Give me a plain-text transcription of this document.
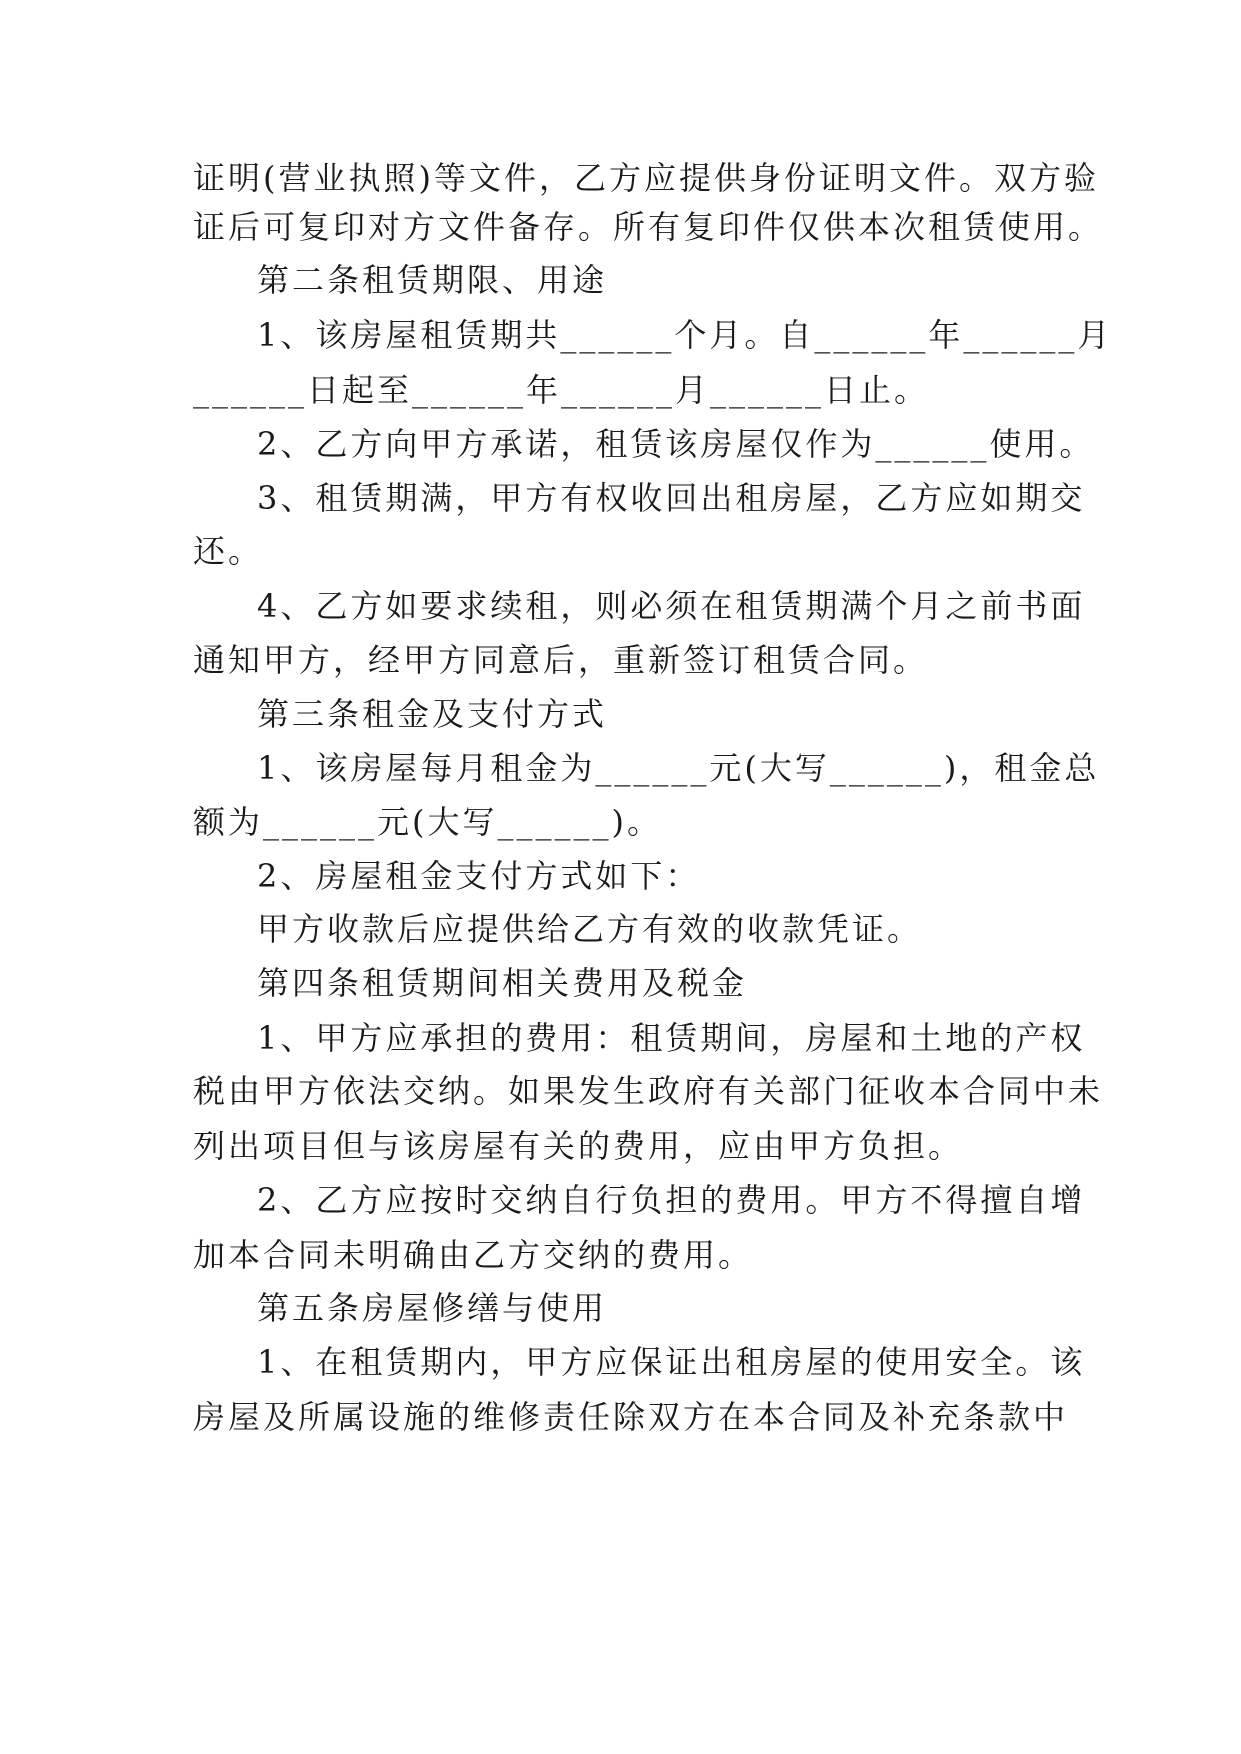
证明(营业执照)等文件，乙方应提供身份证明文件。双方验

证后可复印对方文件备存。所有复印件仅供本次租赁使用。

第二条租赁期限、用途

1、该房屋租赁期共______个月。自______年______月

______日起至______年______月______日止。

2、乙方向甲方承诺，租赁该房屋仅作为______使用。

3、租赁期满，甲方有权收回出租房屋，乙方应如期交

还。

4、乙方如要求续租，则必须在租赁期满个月之前书面

通知甲方，经甲方同意后，重新签订租赁合同。

第三条租金及支付方式

1、该房屋每月租金为______元(大写______)，租金总

额为______元(大写______)。

2、房屋租金支付方式如下：

甲方收款后应提供给乙方有效的收款凭证。

第四条租赁期间相关费用及税金

1、甲方应承担的费用：租赁期间，房屋和土地的产权

税由甲方依法交纳。如果发生政府有关部门征收本合同中未

列出项目但与该房屋有关的费用，应由甲方负担。

2、乙方应按时交纳自行负担的费用。甲方不得擅自增

加本合同未明确由乙方交纳的费用。

第五条房屋修缮与使用

1、在租赁期内，甲方应保证出租房屋的使用安全。该

房屋及所属设施的维修责任除双方在本合同及补充条款中
